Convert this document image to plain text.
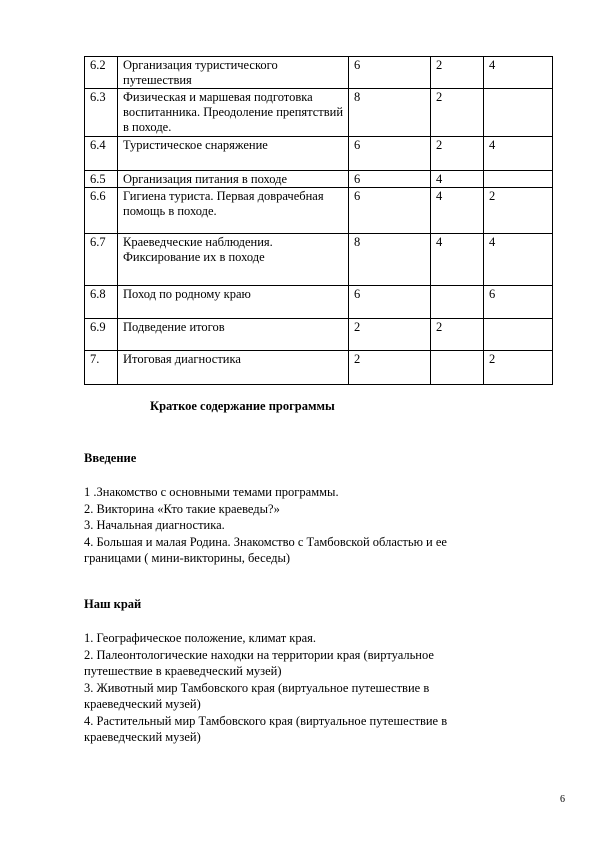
6.2	Организация туристического путешествия	6	2	4
6.3	Физическая и маршевая подготовка воспитанника. Преодоление препятствий в походе.	8	2	
6.4	Туристическое снаряжение	6	2	4
6.5	Организация питания в походе	6	4	
6.6	Гигиена туриста. Первая доврачебная помощь в походе.	6	4	2
6.7	Краеведческие наблюдения. Фиксирование их в походе	8	4	4
6.8	Поход по родному краю	6		6
6.9	Подведение итогов	2	2	
7.	Итоговая диагностика	2		2
Краткое содержание программы
Введение
1 .Знакомство с основными темами программы.
2. Викторина «Кто такие краеведы?»
3. Начальная диагностика.
4. Большая и малая Родина. Знакомство с Тамбовской областью и ее границами ( мини-викторины, беседы)
Наш край
1. Географическое положение, климат края.
2. Палеонтологические находки на территории края (виртуальное путешествие в краеведческий музей)
3. Животный мир Тамбовского края (виртуальное путешествие в краеведческий музей)
4. Растительный мир Тамбовского края (виртуальное путешествие в краеведческий музей)
6
